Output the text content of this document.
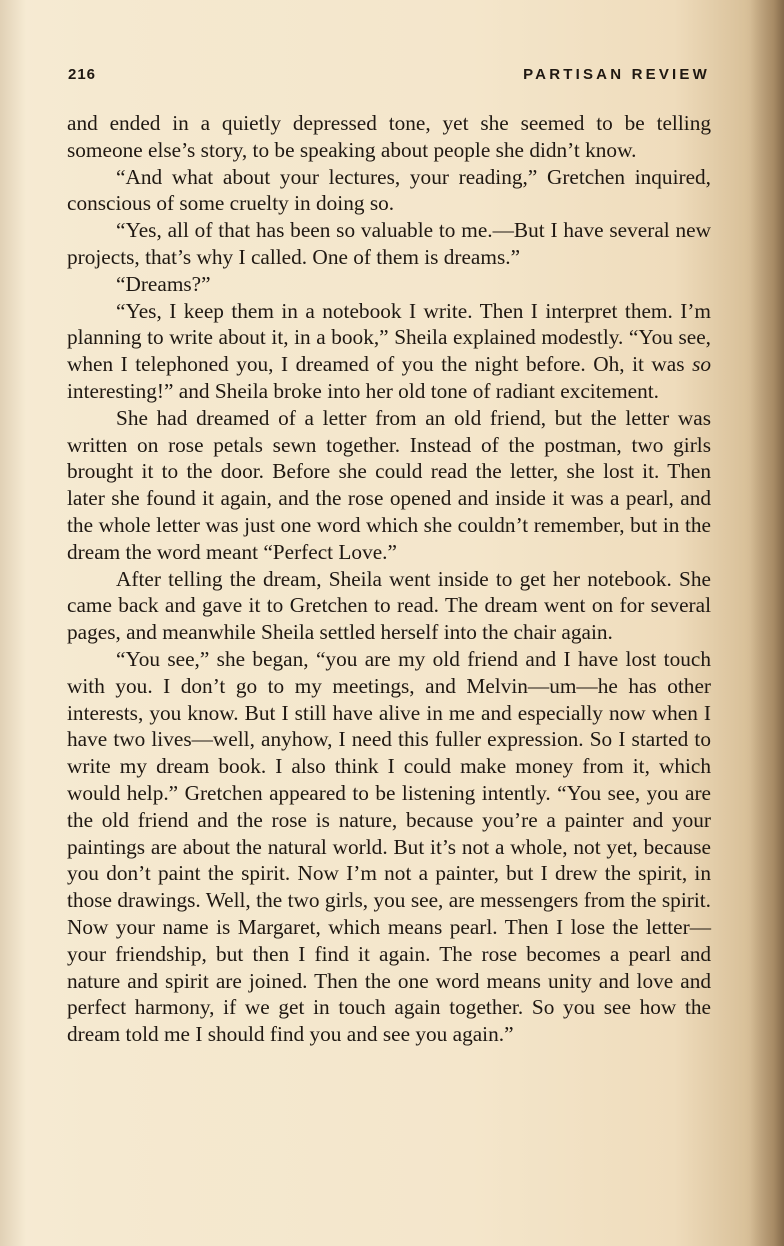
216	PARTISAN REVIEW

and ended in a quietly depressed tone, yet she seemed to be telling someone else’s story, to be speaking about people she didn’t know.

“And what about your lectures, your reading,” Gretchen inquired, conscious of some cruelty in doing so.

“Yes, all of that has been so valuable to me.—But I have several new projects, that’s why I called. One of them is dreams.”

“Dreams?”

“Yes, I keep them in a notebook I write. Then I interpret them. I’m planning to write about it, in a book,” Sheila explained modestly. “You see, when I telephoned you, I dreamed of you the night before. Oh, it was so interesting!” and Sheila broke into her old tone of radiant excitement.

She had dreamed of a letter from an old friend, but the letter was written on rose petals sewn together. Instead of the postman, two girls brought it to the door. Before she could read the letter, she lost it. Then later she found it again, and the rose opened and inside it was a pearl, and the whole letter was just one word which she couldn’t remember, but in the dream the word meant “Perfect Love.”

After telling the dream, Sheila went inside to get her notebook. She came back and gave it to Gretchen to read. The dream went on for several pages, and meanwhile Sheila settled herself into the chair again.

“You see,” she began, “you are my old friend and I have lost touch with you. I don’t go to my meetings, and Melvin—um—he has other interests, you know. But I still have alive in me and especially now when I have two lives—well, anyhow, I need this fuller expression. So I started to write my dream book. I also think I could make money from it, which would help.” Gretchen appeared to be listening intently. “You see, you are the old friend and the rose is nature, because you’re a painter and your paintings are about the natural world. But it’s not a whole, not yet, because you don’t paint the spirit. Now I’m not a painter, but I drew the spirit, in those drawings. Well, the two girls, you see, are messengers from the spirit. Now your name is Margaret, which means pearl. Then I lose the letter—your friendship, but then I find it again. The rose becomes a pearl and nature and spirit are joined. Then the one word means unity and love and perfect harmony, if we get in touch again together. So you see how the dream told me I should find you and see you again.”
